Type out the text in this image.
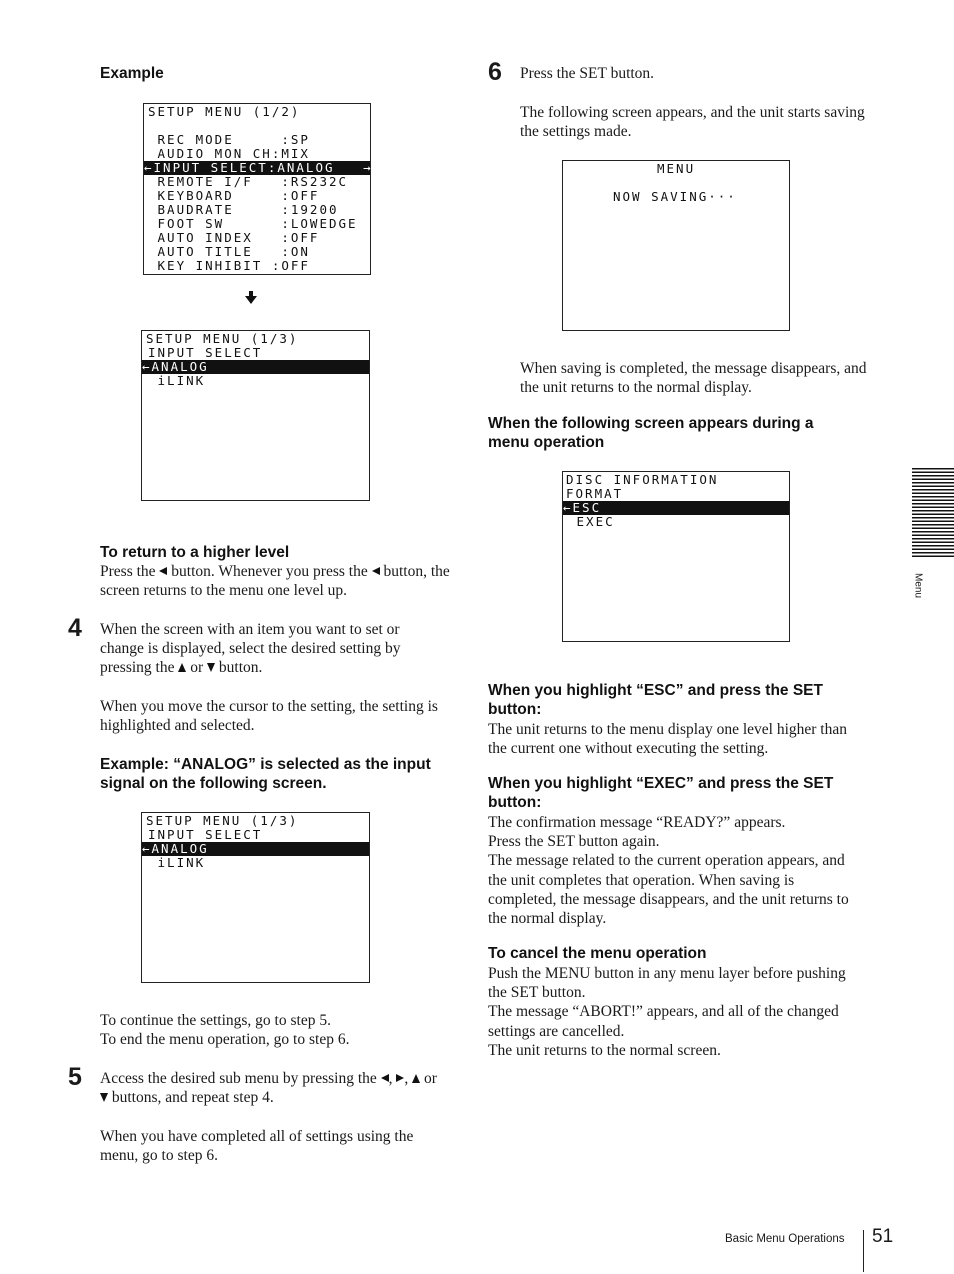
Example
SETUP MENU (1/2)
REC MODE     :SP
AUDIO MON CH:MIX
←INPUT SELECT:ANALOG   →
REMOTE I/F   :RS232C
KEYBOARD     :OFF
BAUDRATE     :19200
FOOT SW      :LOWEDGE
AUTO INDEX   :OFF
AUTO TITLE   :ON
KEY INHIBIT :OFF
SETUP MENU (1/3)
INPUT SELECT
←ANALOG
iLINK
To return to a higher level
Press the button. Whenever you press the button, the screen returns to the menu one level up.
4 When the screen with an item you want to set or change is displayed, select the desired setting by pressing the or button.
When you move the cursor to the setting, the setting is highlighted and selected.
Example: “ANALOG” is selected as the input signal on the following screen.
SETUP MENU (1/3)
INPUT SELECT
←ANALOG
iLINK
To continue the settings, go to step 5.
To end the menu operation, go to step 6.
5 Access the desired sub menu by pressing the , ,  or  buttons, and repeat step 4.
When you have completed all of settings using the menu, go to step 6.
6 Press the SET button.
The following screen appears, and the unit starts saving the settings made.
MENU
NOW SAVING···
When saving is completed, the message disappears, and the unit returns to the normal display.
When the following screen appears during a menu operation
DISC INFORMATION
FORMAT
←ESC
EXEC
When you highlight “ESC” and press the SET button:
The unit returns to the menu display one level higher than the current one without executing the setting.
When you highlight “EXEC” and press the SET button:
The confirmation message “READY?” appears.
Press the SET button again.
The message related to the current operation appears, and the unit completes that operation. When saving is completed, the message disappears, and the unit returns to the normal display.
To cancel the menu operation
Push the MENU button in any menu layer before pushing the SET button.
The message “ABORT!” appears, and all of the changed settings are cancelled.
The unit returns to the normal screen.
Menu
Basic Menu Operations 51
